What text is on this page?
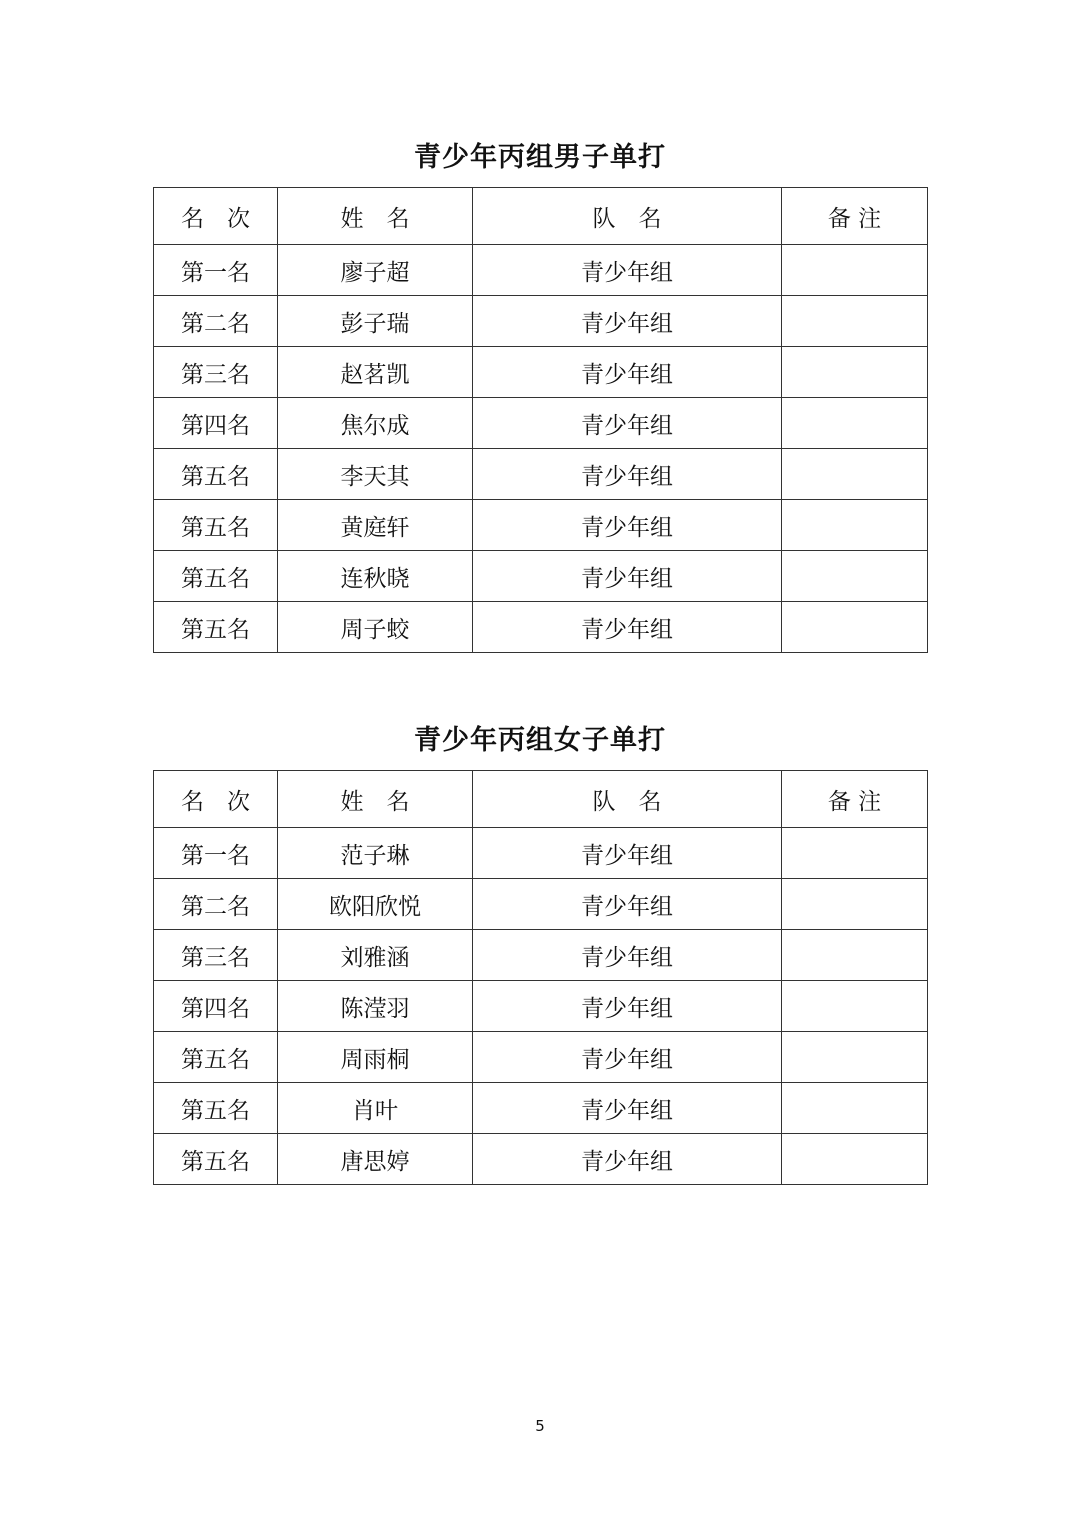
青少年丙组男子单打
名　次	姓　名	队　名	备 注
第一名	廖子超	青少年组	
第二名	彭子瑞	青少年组	
第三名	赵茗凯	青少年组	
第四名	焦尔成	青少年组	
第五名	李天其	青少年组	
第五名	黄庭轩	青少年组	
第五名	连秋晓	青少年组	
第五名	周子蛟	青少年组	
青少年丙组女子单打
名　次	姓　名	队　名	备 注
第一名	范子琳	青少年组	
第二名	欧阳欣悦	青少年组	
第三名	刘雅涵	青少年组	
第四名	陈滢羽	青少年组	
第五名	周雨桐	青少年组	
第五名	肖叶	青少年组	
第五名	唐思婷	青少年组	
5
